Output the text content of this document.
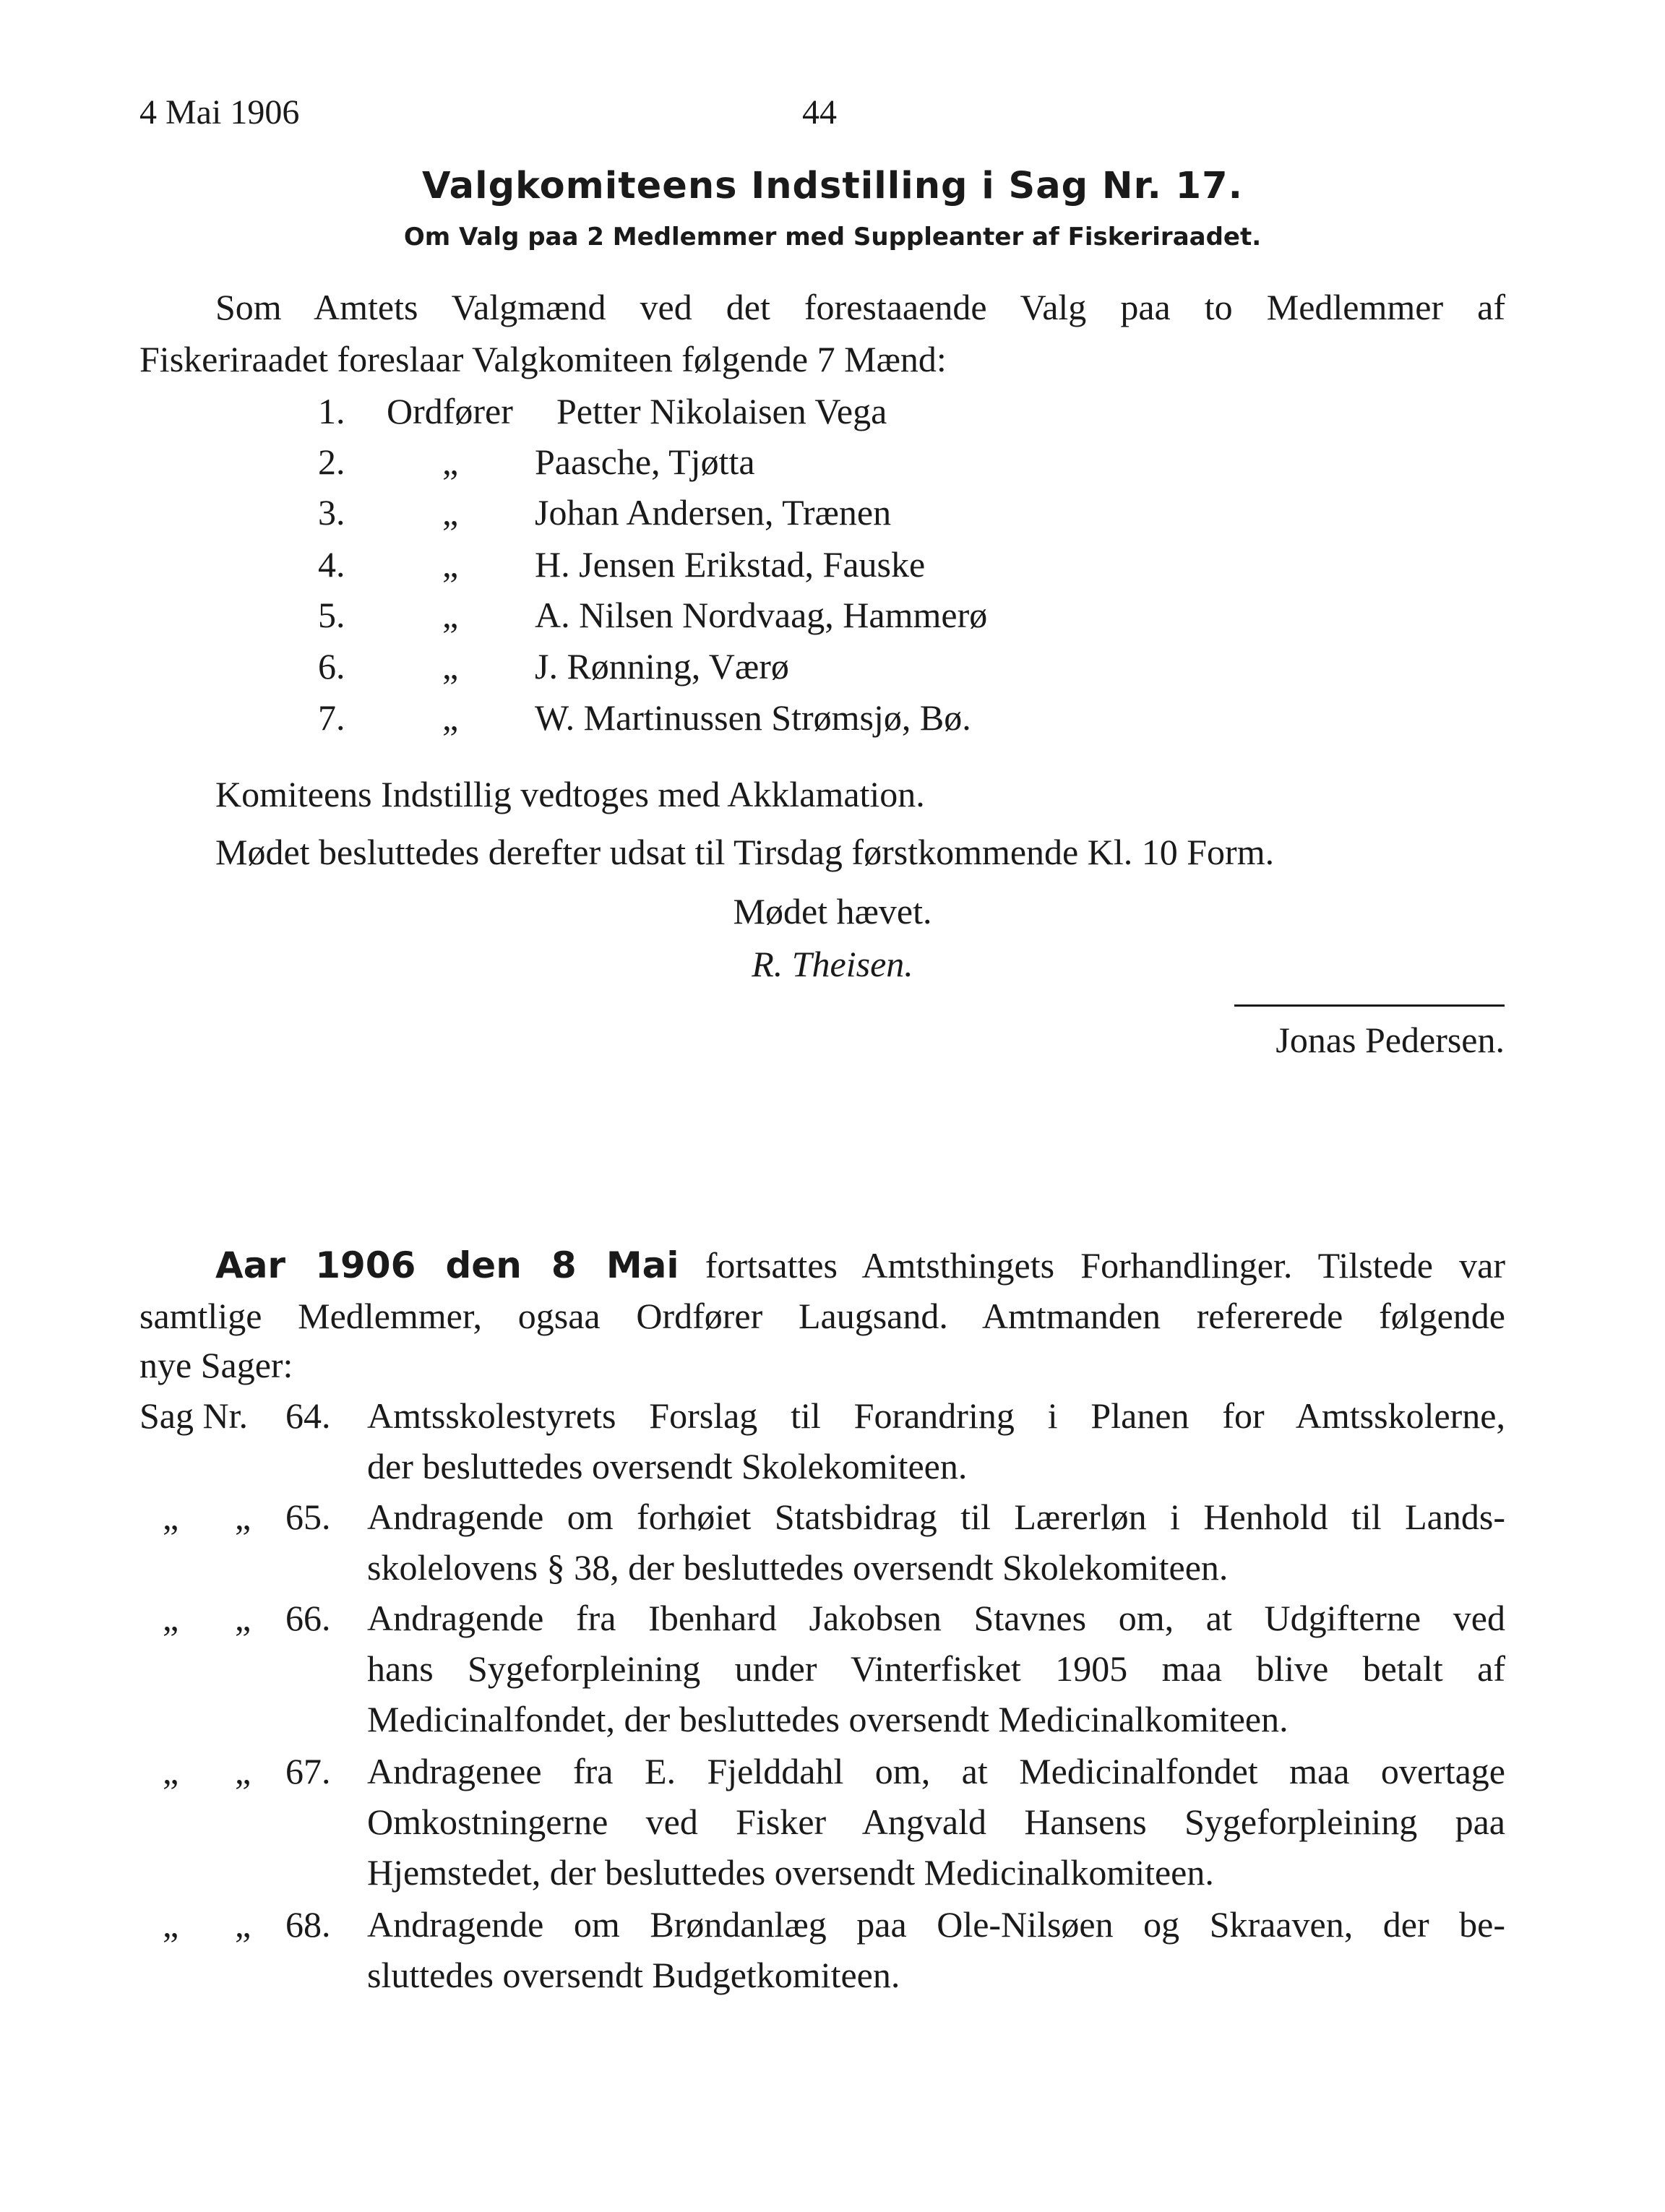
4 Mai 1906	44
Valgkomiteens Indstilling i Sag Nr. 17.
Om Valg paa 2 Medlemmer med Suppleanter af Fiskeriraadet.
Som Amtets Valgmænd ved det forestaaende Valg paa to Medlemmer af
Fiskeriraadet foreslaar Valgkomiteen følgende 7 Mænd:
1. Ordfører Petter Nikolaisen Vega
2.	„ Paasche, Tjøtta
3.	„ Johan Andersen, Trænen
4.	„ H. Jensen Erikstad, Fauske
5.	„ A. Nilsen Nordvaag, Hammerø
6.	„ J. Rønning, Værø
7.	„ W. Martinussen Strømsjø, Bø.
Komiteens Indstillig vedtoges med Akklamation.
Mødet besluttedes derefter udsat til Tirsdag førstkommende Kl. 10 Form.
Mødet hævet.
R. Theisen.
Jonas Pedersen.
Aar 1906 den 8 Mai fortsattes Amtsthingets Forhandlinger. Tilstede var
samtlige Medlemmer, ogsaa Ordfører Laugsand. Amtmanden refererede følgende
nye Sager:
Sag Nr. 64. Amtsskolestyrets Forslag til Forandring i Planen for Amtsskolerne,
der besluttedes oversendt Skolekomiteen.
„ „ 65. Andragende om forhøiet Statsbidrag til Lærerløn i Henhold til Lands-
skolelovens § 38, der besluttedes oversendt Skolekomiteen.
„ „ 66. Andragende fra Ibenhard Jakobsen Stavnes om, at Udgifterne ved
hans Sygeforpleining under Vinterfisket 1905 maa blive betalt af
Medicinalfondet, der besluttedes oversendt Medicinalkomiteen.
„ „ 67. Andragenee fra E. Fjelddahl om, at Medicinalfondet maa overtage
Omkostningerne ved Fisker Angvald Hansens Sygeforpleining paa
Hjemstedet, der besluttedes oversendt Medicinalkomiteen.
„ „ 68. Andragende om Brøndanlæg paa Ole-Nilsøen og Skraaven, der be-
sluttedes oversendt Budgetkomiteen.
